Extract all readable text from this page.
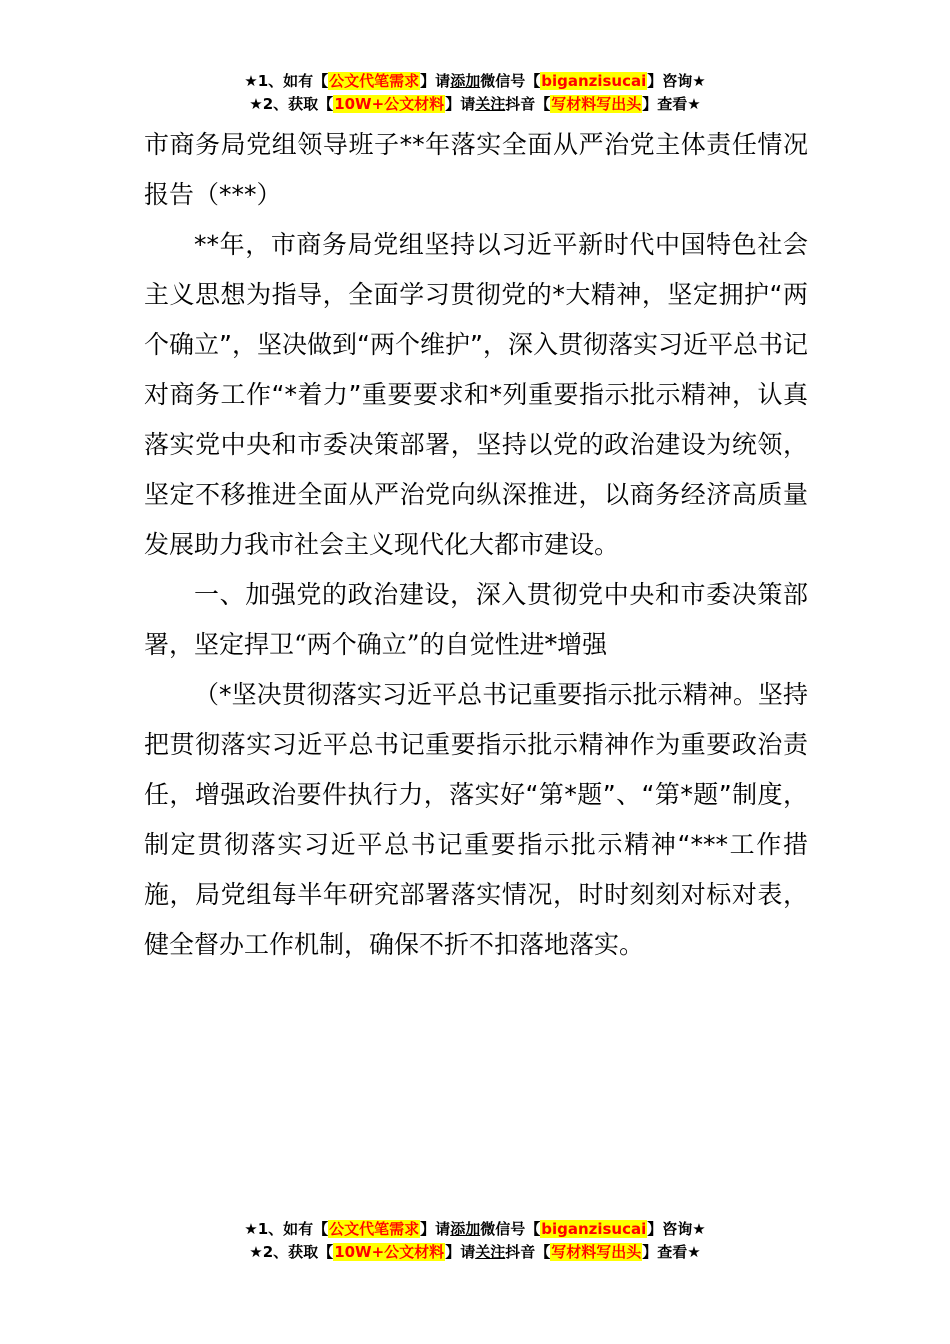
★1、如有【公文代笔需求】请添加微信号【biganzisucai】咨询★
★2、获取【10W+公文材料】请关注抖音【写材料写出头】查看★

市商务局党组领导班子**年落实全面从严治党主体责任情况报告（***）

**年，市商务局党组坚持以习近平新时代中国特色社会主义思想为指导，全面学习贯彻党的*大精神，坚定拥护“两个确立”，坚决做到“两个维护”，深入贯彻落实习近平总书记对商务工作“*着力”重要要求和*列重要指示批示精神，认真落实党中央和市委决策部署，坚持以党的政治建设为统领，坚定不移推进全面从严治党向纵深推进，以商务经济高质量发展助力我市社会主义现代化大都市建设。

一、加强党的政治建设，深入贯彻党中央和市委决策部署，坚定捍卫“两个确立”的自觉性进*增强

（*坚决贯彻落实习近平总书记重要指示批示精神。坚持把贯彻落实习近平总书记重要指示批示精神作为重要政治责任，增强政治要件执行力，落实好“第*题”、“第*题”制度，制定贯彻落实习近平总书记重要指示批示精神“***工作措施，局党组每半年研究部署落实情况，时时刻刻对标对表，健全督办工作机制，确保不折不扣落地落实。

★1、如有【公文代笔需求】请添加微信号【biganzisucai】咨询★
★2、获取【10W+公文材料】请关注抖音【写材料写出头】查看★
